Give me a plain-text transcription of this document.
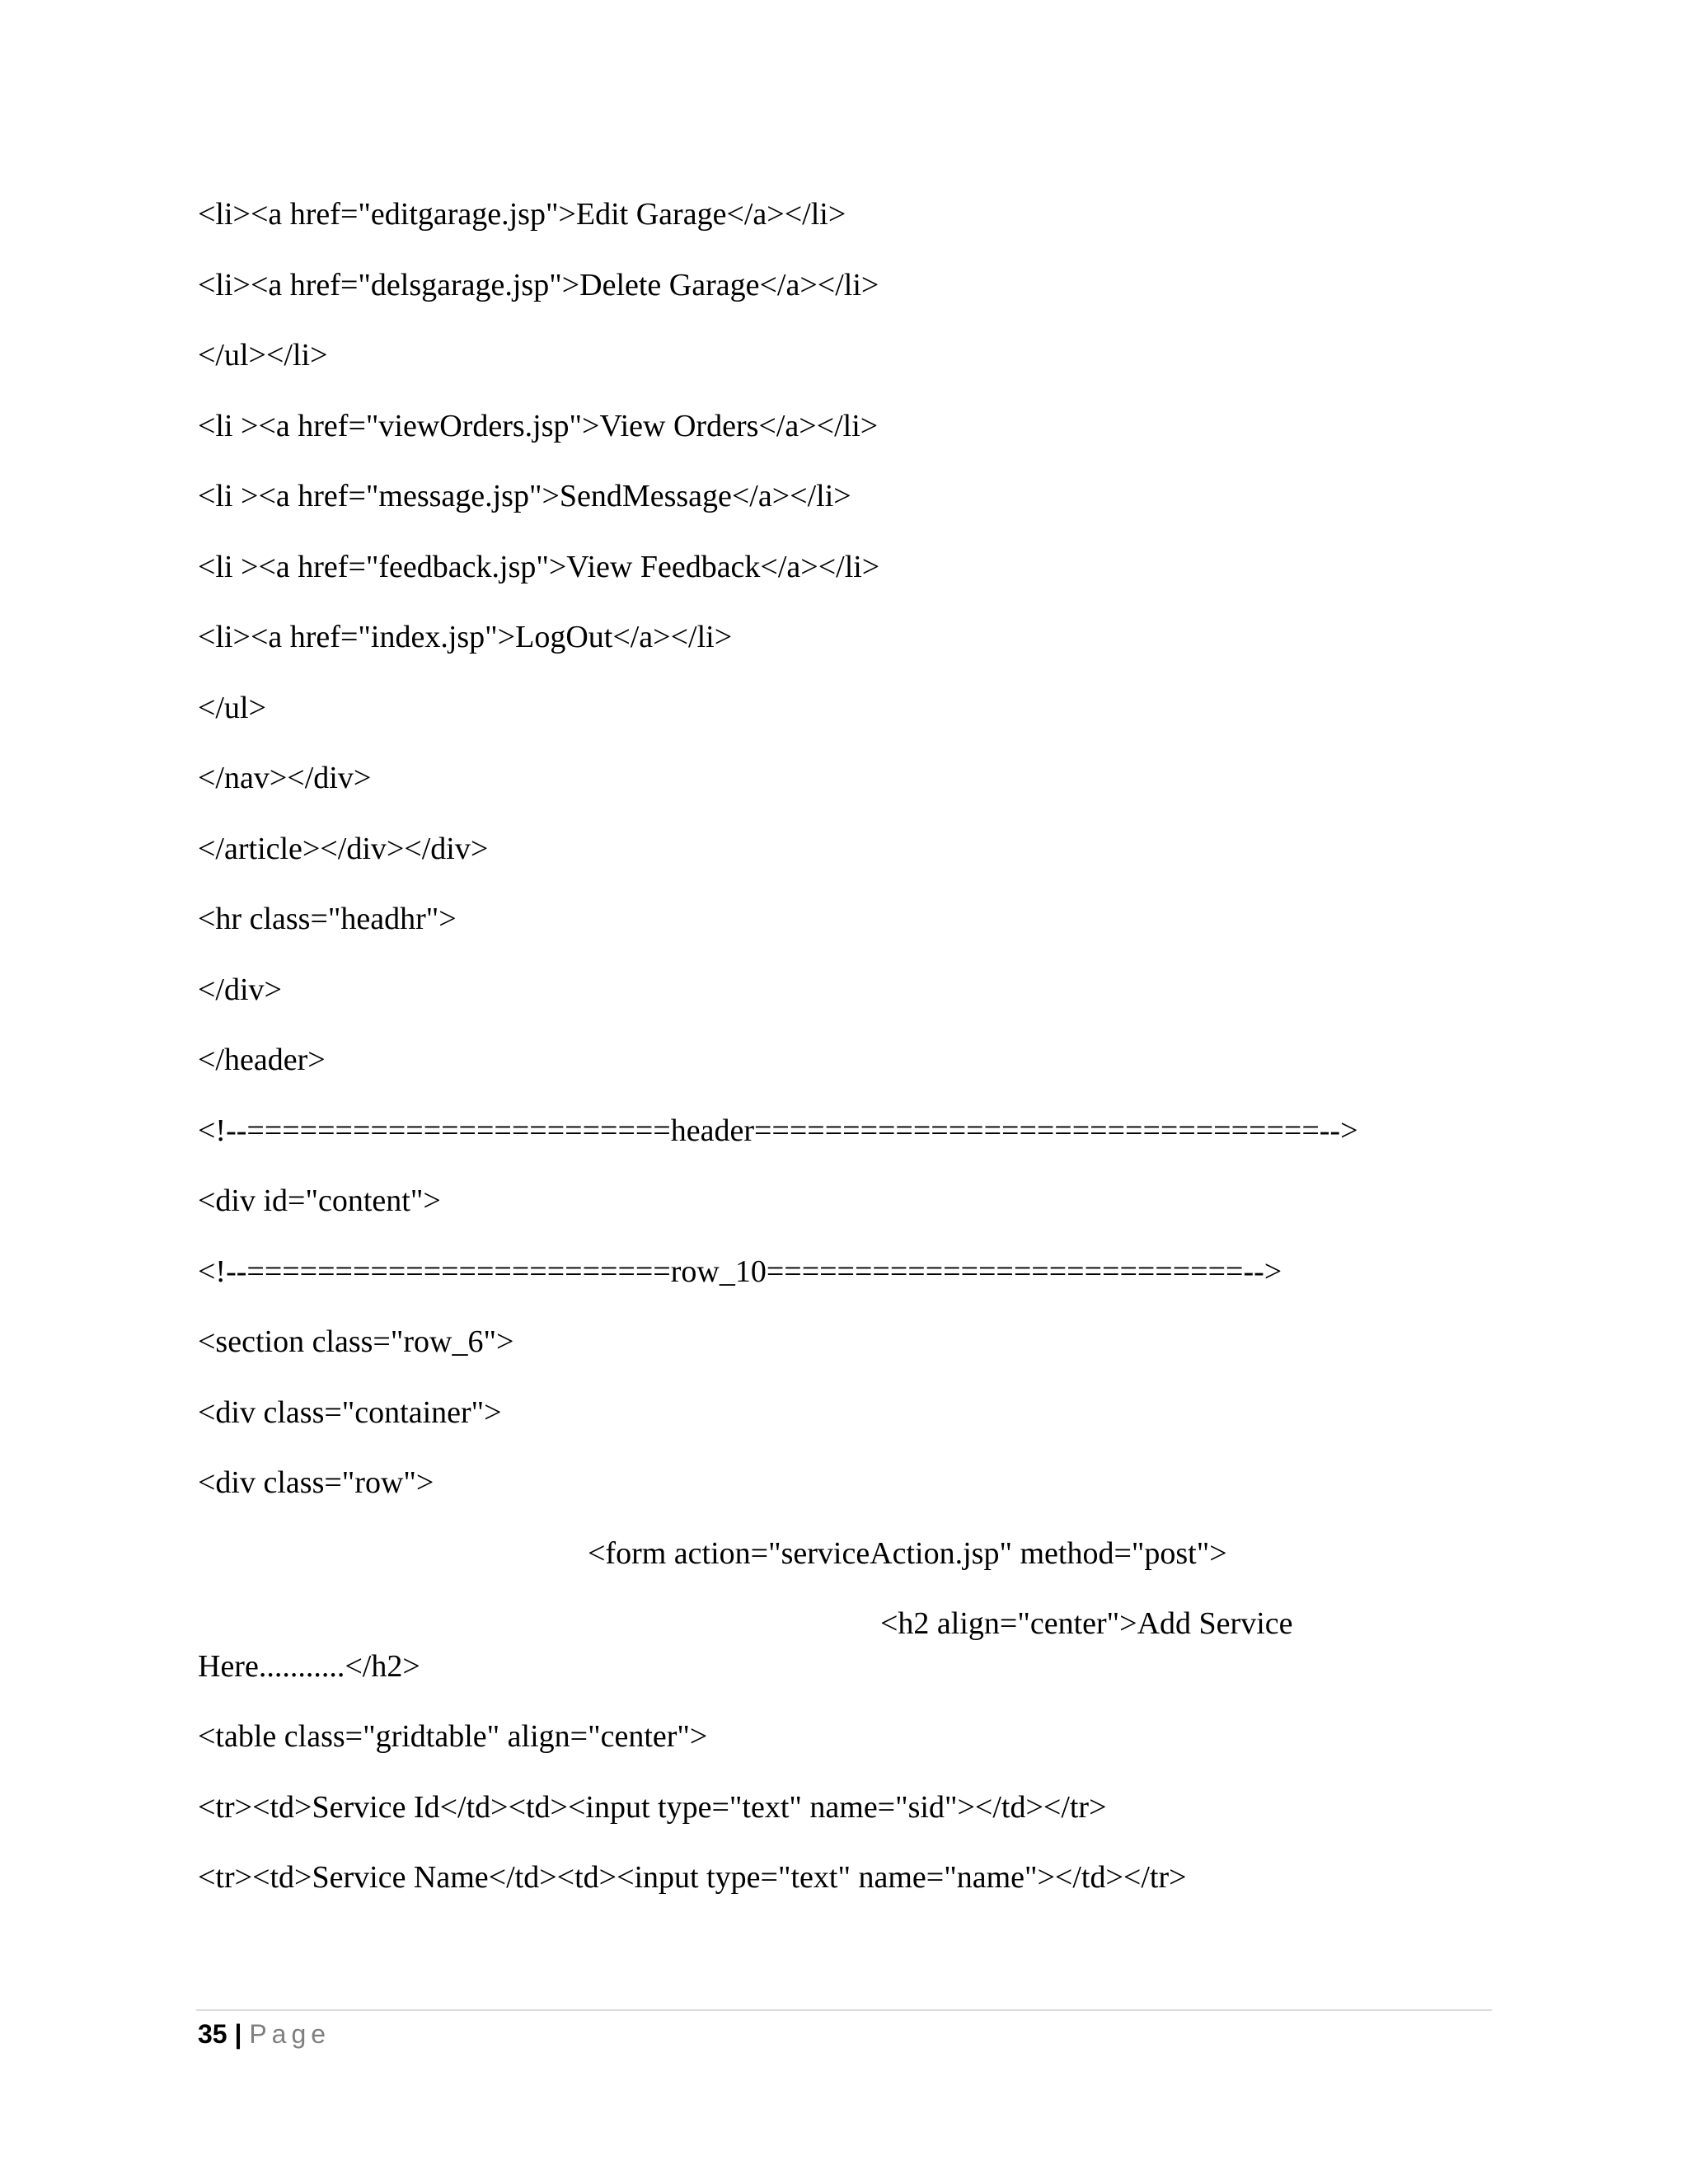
<li><a href="editgarage.jsp">Edit Garage</a></li>
<li><a href="delsgarage.jsp">Delete Garage</a></li>
</ul></li>
<li ><a href="viewOrders.jsp">View Orders</a></li>
<li ><a href="message.jsp">SendMessage</a></li>
<li ><a href="feedback.jsp">View Feedback</a></li>
<li><a href="index.jsp">LogOut</a></li>
</ul>
</nav></div>
</article></div></div>
<hr class="headhr">
</div>
</header>
<!--========================header================================-->
<div id="content">
<!--========================row_10===========================-->
<section class="row_6">
<div class="container">
<div class="row">
<form action="serviceAction.jsp" method="post">
<h2 align="center">Add Service
Here...........</h2>
<table class="gridtable" align="center">
<tr><td>Service Id</td><td><input type="text" name="sid"></td></tr>
<tr><td>Service Name</td><td><input type="text" name="name"></td></tr>
35 | Page
